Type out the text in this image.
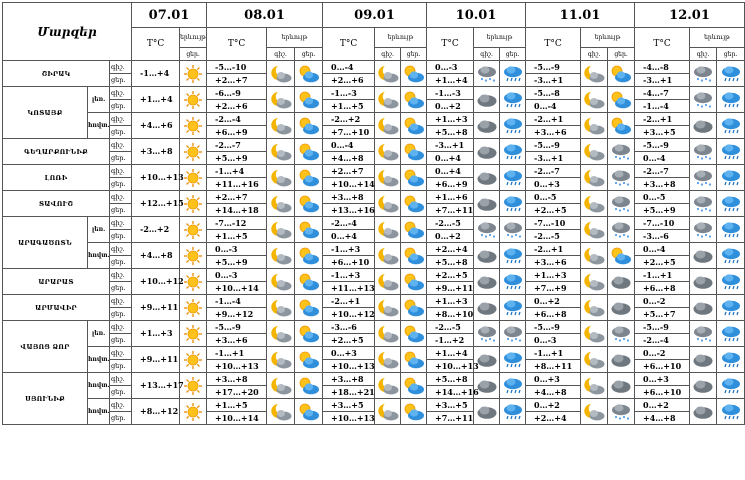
Մարզեր			07.01		08.01			09.01			10.01			11.01			12.01		
			T°C	երևույթ	T°C	երևույթ		T°C	երևույթ		T°C	երևույթ		T°C	երևույթ		T°C	երևույթ	
				ցեր.		գիշ.	ցեր.		գիշ.	ցեր.		գիշ.	ցեր.		գիշ.	ցեր.		գիշ.	ցեր.
ՇԻՐԱԿ		գիշ.	-1…+4		-5…-10			0…-4			0…-3			-5…-9			-4…-8	

		ցեր.			+2…+7			+2…+6			+1…+4			-3…+1			-3…+1		
ԿՈՏԱՅՔ	լեռ.	գիշ.	+1…+4		-6…-9			-1…-3			-1…-3			-5…-8			-4…-7	

		ցեր.			+2…+6			+1…+5			0…+2			0…-4			-1…-4		
	հովտ.	գիշ.	+4…+6		-2…-4			-2…+2			+1…+3			-2…+1			-2…+1	

		ցեր.			+6…+9			+7…+10			+5…+8			+3…+6			+3…+5		
ԳԵՂԱՐՔՈՒՆԻՔ		գիշ.	+3…+8		-2…-7			0…-4			-3…+1			-5…-9			-5…-9	

		ցեր.			+5…+9			+4…+8			0…+4			-3…+1			0…-4		
ԼՈՌԻ		գիշ.	+10…+13		-1…+4			+2…+7			0…+4			-2…-7			-2…-7	

		ցեր.			+11…+16			+10…+14			+6…+9			0…+3			+3…+8		
ՏԱՎՈՒՇ		գիշ.	+12…+15		+2…+7			+3…+8			+1…+6			0…-5			0…-5	

		ցեր.			+14…+18			+13…+16			+7…+11			+2…+5			+5…+9		
ԱՐԱԳԱԾՈՏՆ	լեռ.	գիշ.	-2…+2		-7…-12			-2…-4			-2…-5			-7…-10			-7…-10	

		ցեր.			+1…+5			0…+4			0…+2			-2…-5			-3…-6		
	հովտ.	գիշ.	+4…+8		0…-3			-1…+3			+2…+4			-2…+1			0…-4	

		ցեր.			+5…+9			+6…+10			+5…+8			+3…+6			+2…+5		
ԱՐԱՐԱՏ		գիշ.	+10…+12		0…-3			-1…+3			+2…+5			+1…+3			-1…+1	

		ցեր.			+10…+14			+11…+13			+9…+11			+7…+9			+6…+8		
ԱՐՄԱՎԻՐ		գիշ.	+9…+11		-1…-4			-2…+1			+1…+3			0…+2			0…-2	

		ցեր.			+9…+12			+10…+12			+8…+10			+6…+8			+5…+7		
ՎԱՅՈՑ ՁՈՐ	լեռ.	գիշ.	+1…+3		-5…-9			-3…-6			-2…-5			-5…-9			-5…-9	

		ցեր.			+3…+6			+2…+5			-1…+2			0…-3			-2…-4		
	հովտ.	գիշ.	+9…+11		-1…+1			0…+3			+1…+4			-1…+1			0…-2	

		ցեր.			+10…+13			+10…+13			+10…+13			+8…+11			+6…+10		
ՍՅՈՒՆԻՔ	հովտ.	գիշ.	+13…+17		+3…+8			+3…+8			+5…+8			0…+3			0…+3	

		ցեր.			+17…+20			+18…+21			+14…+16			+4…+8			+6…+10		
	հովտ.	գիշ.	+8…+12		+1…+5			+3…+5			+3…+5			0…+2			0…+2	

		ցեր.			+10…+14			+10…+13			+7…+11			+2…+4			+4…+8		
